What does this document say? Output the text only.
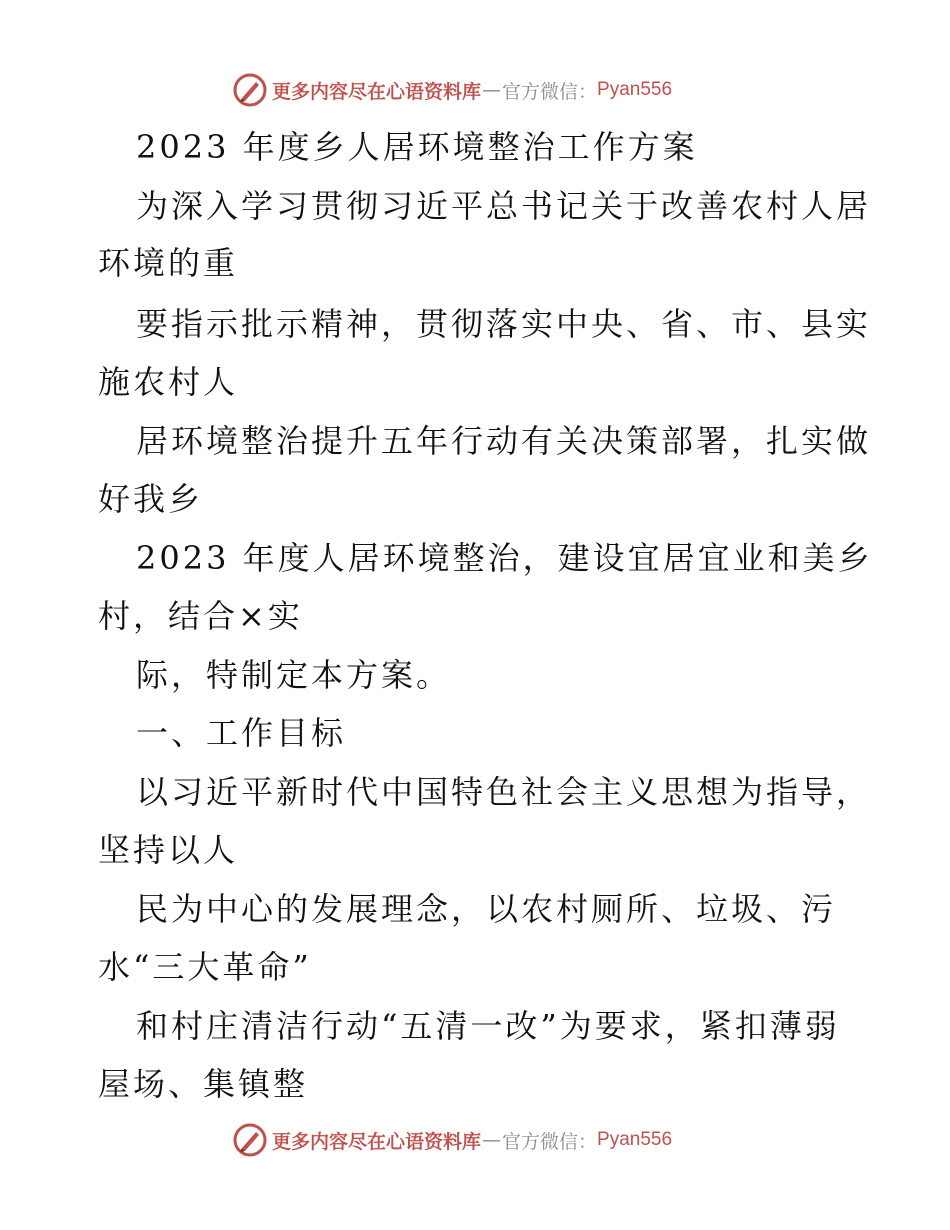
更多内容尽在心语资料库 — 官方微信： Pyan556
2023 年度乡人居环境整治工作方案
为深入学习贯彻习近平总书记关于改善农村人居
环境的重
要指示批示精神，贯彻落实中央、省、市、县实
施农村人
居环境整治提升五年行动有关决策部署，扎实做
好我乡
2023 年度人居环境整治，建设宜居宜业和美乡
村，结合×实
际，特制定本方案。
一、工作目标
以习近平新时代中国特色社会主义思想为指导，
坚持以人
民为中心的发展理念，以农村厕所、垃圾、污
水“三大革命”
和村庄清洁行动“五清一改”为要求，紧扣薄弱
屋场、集镇整
更多内容尽在心语资料库 — 官方微信： Pyan556
